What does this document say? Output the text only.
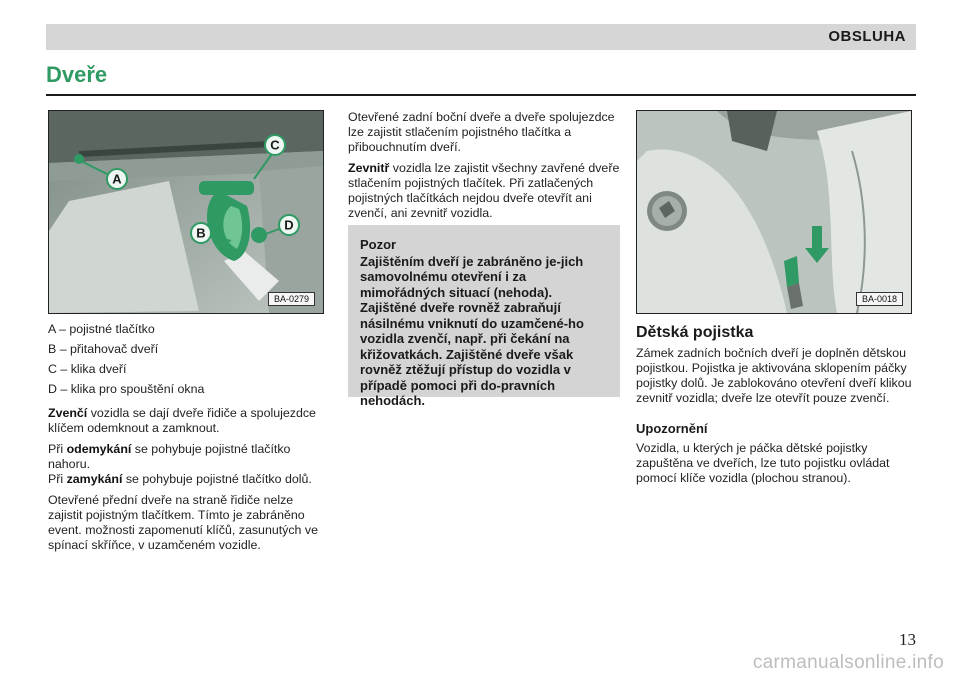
OBSLUHA
Dveře
A
C
B
D
BA-0279
A – pojistné tlačítko
B – přitahovač dveří
C – klika dveří
D – klika pro spouštění okna

Zvenčí vozidla se dají dveře řidiče a spolujezdce klíčem odemknout a zamknout.

Při odemykání se pohybuje pojistné tlačítko nahoru.

Při zamykání se pohybuje pojistné tlačítko dolů.

Otevřené přední dveře na straně řidiče nelze zajistit pojistným tlačítkem. Tímto je zabráněno event. možnosti zapomenutí klíčů, zasunutých ve spínací skříňce, v uzamčeném vozidle.

Otevřené zadní boční dveře a dveře spolujezdce lze zajistit stlačením pojistného tlačítka a přibouchnutím dveří.

Zevnitř vozidla lze zajistit všechny zavřené dveře stlačením pojistných tlačítek. Při zatlačených pojistných tlačítkách nejdou dveře otevřít ani zvenčí, ani zevnitř vozidla.

Pozor
Zajištěním dveří je zabráněno je-jich samovolnému otevření i za mimořádných situací (nehoda). Zajištěné dveře rovněž zabraňují násilnému vniknutí do uzamčené-ho vozidla zvenčí, např. při čekání na křižovatkách. Zajištěné dveře však rovněž ztěžují přístup do vozidla v případě pomoci při do-pravních nehodách.
BA-0018
Dětská pojistka

Zámek zadních bočních dveří je doplněn dětskou pojistkou. Pojistka je aktivována sklopením páčky pojistky dolů. Je zablokováno otevření dveří klikou zevnitř vozidla; dveře lze otevřít pouze zvenčí.

Upozornění

Vozidla, u kterých je páčka dětské pojistky zapuštěna ve dveřích, lze tuto pojistku ovládat pomocí klíče vozidla (plochou stranou).

13
carmanualsonline.info
